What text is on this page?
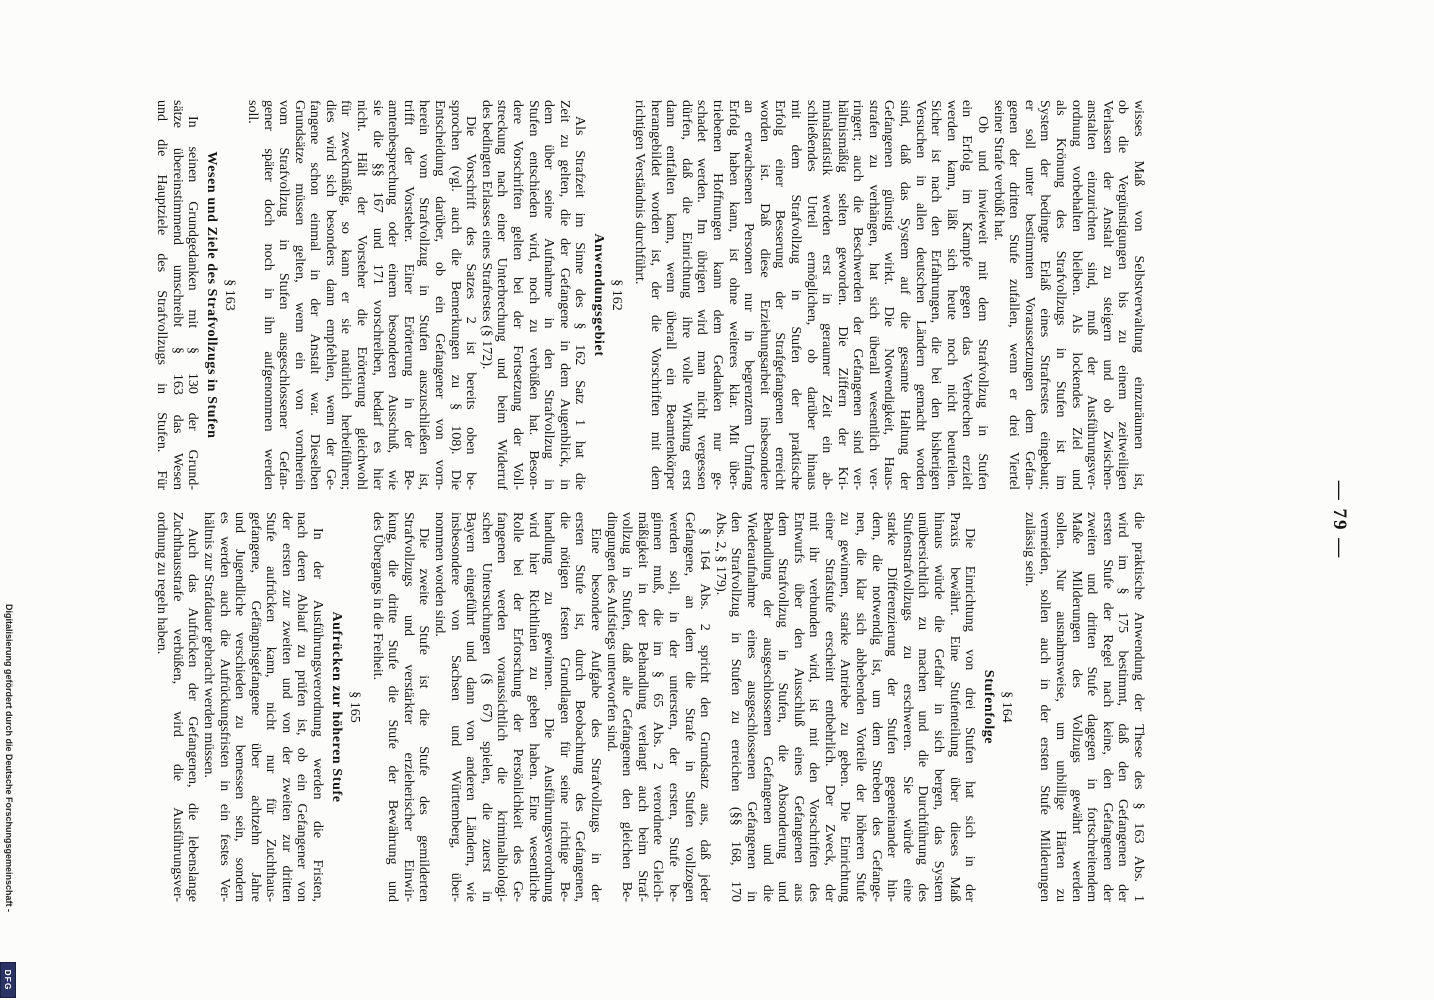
— 79 —
wisses Maß von Selbstverwaltung einzuräumen ist,
ob die Vergünstigungen bis zu einem zeitweiligen
Verlassen der Anstalt zu steigern und ob Zwischen-
anstalten einzurichten sind, muß der Ausführungsver-
ordnung vorbehalten bleiben. Als lockendes Ziel und
als Krönung des Strafvollzugs in Stufen ist im
System der bedingte Erlaß eines Strafrestes eingebaut;
er soll unter bestimmten Voraussetzungen dem Gefan-
genen der dritten Stufe zufallen, wenn er drei Viertel
seiner Strafe verbüßt hat.
Ob und inwieweit mit dem Strafvollzug in Stufen
ein Erfolg im Kampfe gegen das Verbrechen erzielt
werden kann, läßt sich heute noch nicht beurteilen.
Sicher ist nach den Erfahrungen, die bei den bisherigen
Versuchen in allen deutschen Ländern gemacht worden
sind, daß das System auf die gesamte Haltung der
Gefangenen günstig wirkt. Die Notwendigkeit, Haus-
strafen zu verhängen, hat sich überall wesentlich ver-
ringert; auch die Beschwerden der Gefangenen sind ver-
hältnismäßig selten geworden. Die Ziffern der Kri-
minalstatistik werden erst in geraumer Zeit ein ab-
schließendes Urteil ermöglichen, ob darüber hinaus
mit dem Strafvollzug in Stufen der praktische
Erfolg einer Besserung der Strafgefangenen erreicht
worden ist. Daß diese Erziehungsarbeit insbesondere
an erwachsenen Personen nur in begrenztem Umfang
Erfolg haben kann, ist ohne weiteres klar. Mit über-
triebenen Hoffnungen kann dem Gedanken nur ge-
schadet werden. Im übrigen wird man nicht vergessen
dürfen, daß die Einrichtung ihre volle Wirkung erst
dann entfalten kann, wenn überall ein Beamtenkörper
herangebildet worden ist, der die Vorschriften mit dem
richtigen Verständnis durchführt.
§ 162
Anwendungsgebiet
Als Strafzeit im Sinne des § 162 Satz 1 hat die
Zeit zu gelten, die der Gefangene in dem Augenblick, in
dem über seine Aufnahme in den Strafvollzug in
Stufen entschieden wird, noch zu verbüßen hat. Beson-
dere Vorschriften gelten bei der Fortsetzung der Voll-
streckung nach einer Unterbrechung und beim Widerruf
des bedingten Erlasses eines Strafrestes (§ 172).
Die Vorschrift des Satzes 2 ist bereits oben be-
sprochen (vgl. auch die Bemerkungen zu § 108). Die
Entscheidung darüber, ob ein Gefangener von vorn-
herein vom Strafvollzug in Stufen auszuschließen ist,
trifft der Vorsteher. Einer Erörterung in der Be-
amtenbesprechung oder einem besonderen Ausschuß, wie
sie die §§ 167 und 171 vorschreiben, bedarf es hier
nicht. Hält der Vorsteher die Erörterung gleichwohl
für zweckmäßig, so kann er sie natürlich herbeiführen;
dies wird sich besonders dann empfehlen, wenn der Ge-
fangene schon einmal in der Anstalt war. Dieselben
Grundsätze müssen gelten, wenn ein von vornherein
vom Strafvollzug in Stufen ausgeschlossener Gefan-
gener später doch noch in ihn aufgenommen werden
soll.
§ 163
Wesen und Ziele des Strafvollzugs in Stufen
In seinen Grundgedanken mit § 130 der Grund-
sätze übereinstimmend umschreibt § 163 das Wesen
und die Hauptziele des Strafvollzugs in Stufen. Für
die praktische Anwendung der These des § 163 Abs. 1
wird im § 175 bestimmt, daß den Gefangenen der
ersten Stufe der Regel nach keine, den Gefangenen der
zweiten und dritten Stufe dagegen in fortschreitendem
Maße Milderungen des Vollzugs gewährt werden
sollen. Nur ausnahmsweise, um unbillige Härten zu
vermeiden, sollen auch in der ersten Stufe Milderungen
zulässig sein.
§ 164
Stufenfolge
Die Einrichtung von drei Stufen hat sich in der
Praxis bewährt. Eine Stufenteilung über dieses Maß
hinaus würde die Gefahr in sich bergen, das System
unübersichtlich zu machen und die Durchführung des
Stufenstrafvollzugs zu erschweren. Sie würde eine
starke Differenzierung der Stufen gegeneinander hin-
dern, die notwendig ist, um dem Streben des Gefange-
nen, die klar sich abhebenden Vorteile der höheren Stufe
zu gewinnen, starke Antriebe zu geben. Die Einrichtung
einer Strafstufe erscheint entbehrlich. Der Zweck, der
mit ihr verbunden wird, ist mit den Vorschriften des
Entwurfs über den Ausschluß eines Gefangenen aus
dem Strafvollzug in Stufen, die Absonderung und
Behandlung der ausgeschlossenen Gefangenen und die
Wiederaufnahme eines ausgeschlossenen Gefangenen in
den Strafvollzug in Stufen zu erreichen (§§ 168, 170
Abs. 2, § 179).
§ 164 Abs. 2 spricht den Grundsatz aus, daß jeder
Gefangene, an dem die Strafe in Stufen vollzogen
werden soll, in der untersten, der ersten, Stufe be-
ginnen muß, die im § 65 Abs. 2 verordnete Gleich-
mäßigkeit in der Behandlung verlangt auch beim Straf-
vollzug in Stufen, daß alle Gefangenen den gleichen Be-
dingungen des Aufstiegs unterworfen sind.
Eine besondere Aufgabe des Strafvollzugs in der
ersten Stufe ist, durch Beobachtung des Gefangenen,
die nötigen festen Grundlagen für seine richtige Be-
handlung zu gewinnen. Die Ausführungsverordnung
wird hier Richtlinien zu geben haben. Eine wesentliche
Rolle bei der Erforschung der Persönlichkeit des Ge-
fangenen werden voraussichtlich die kriminalbiologi-
schen Untersuchungen (§ 67) spielen, die zuerst in
Bayern eingeführt und dann von anderen Ländern, wie
insbesondere von Sachsen und Württemberg, über-
nommen worden sind.
Die zweite Stufe ist die Stufe des gemilderten
Strafvollzugs und verstärkter erzieherischer Einwir-
kung, die dritte Stufe die Stufe der Bewährung und
des Übergangs in die Freiheit.
§ 165
Aufrücken zur höheren Stufe
In der Ausführungsverordnung werden die Fristen,
nach deren Ablauf zu prüfen ist, ob ein Gefangener von
der ersten zur zweiten und von der zweiten zur dritten
Stufe aufrücken kann, nicht nur für Zuchthaus-
gefangene, Gefängnisgefangene über achtzehn Jahre
und Jugendliche verschieden zu bemessen sein, sondern
es werden auch die Aufrückungsfristen in ein festes Ver-
hältnis zur Strafdauer gebracht werden müssen.
Auch das Aufrücken der Gefangenen, die lebenslange
Zuchthausstrafe verbüßen, wird die Ausführungsver-
ordnung zu regeln haben.
Digitalisierung gefördert durch die Deutsche Forschungsgemeinschaft -
DFG
